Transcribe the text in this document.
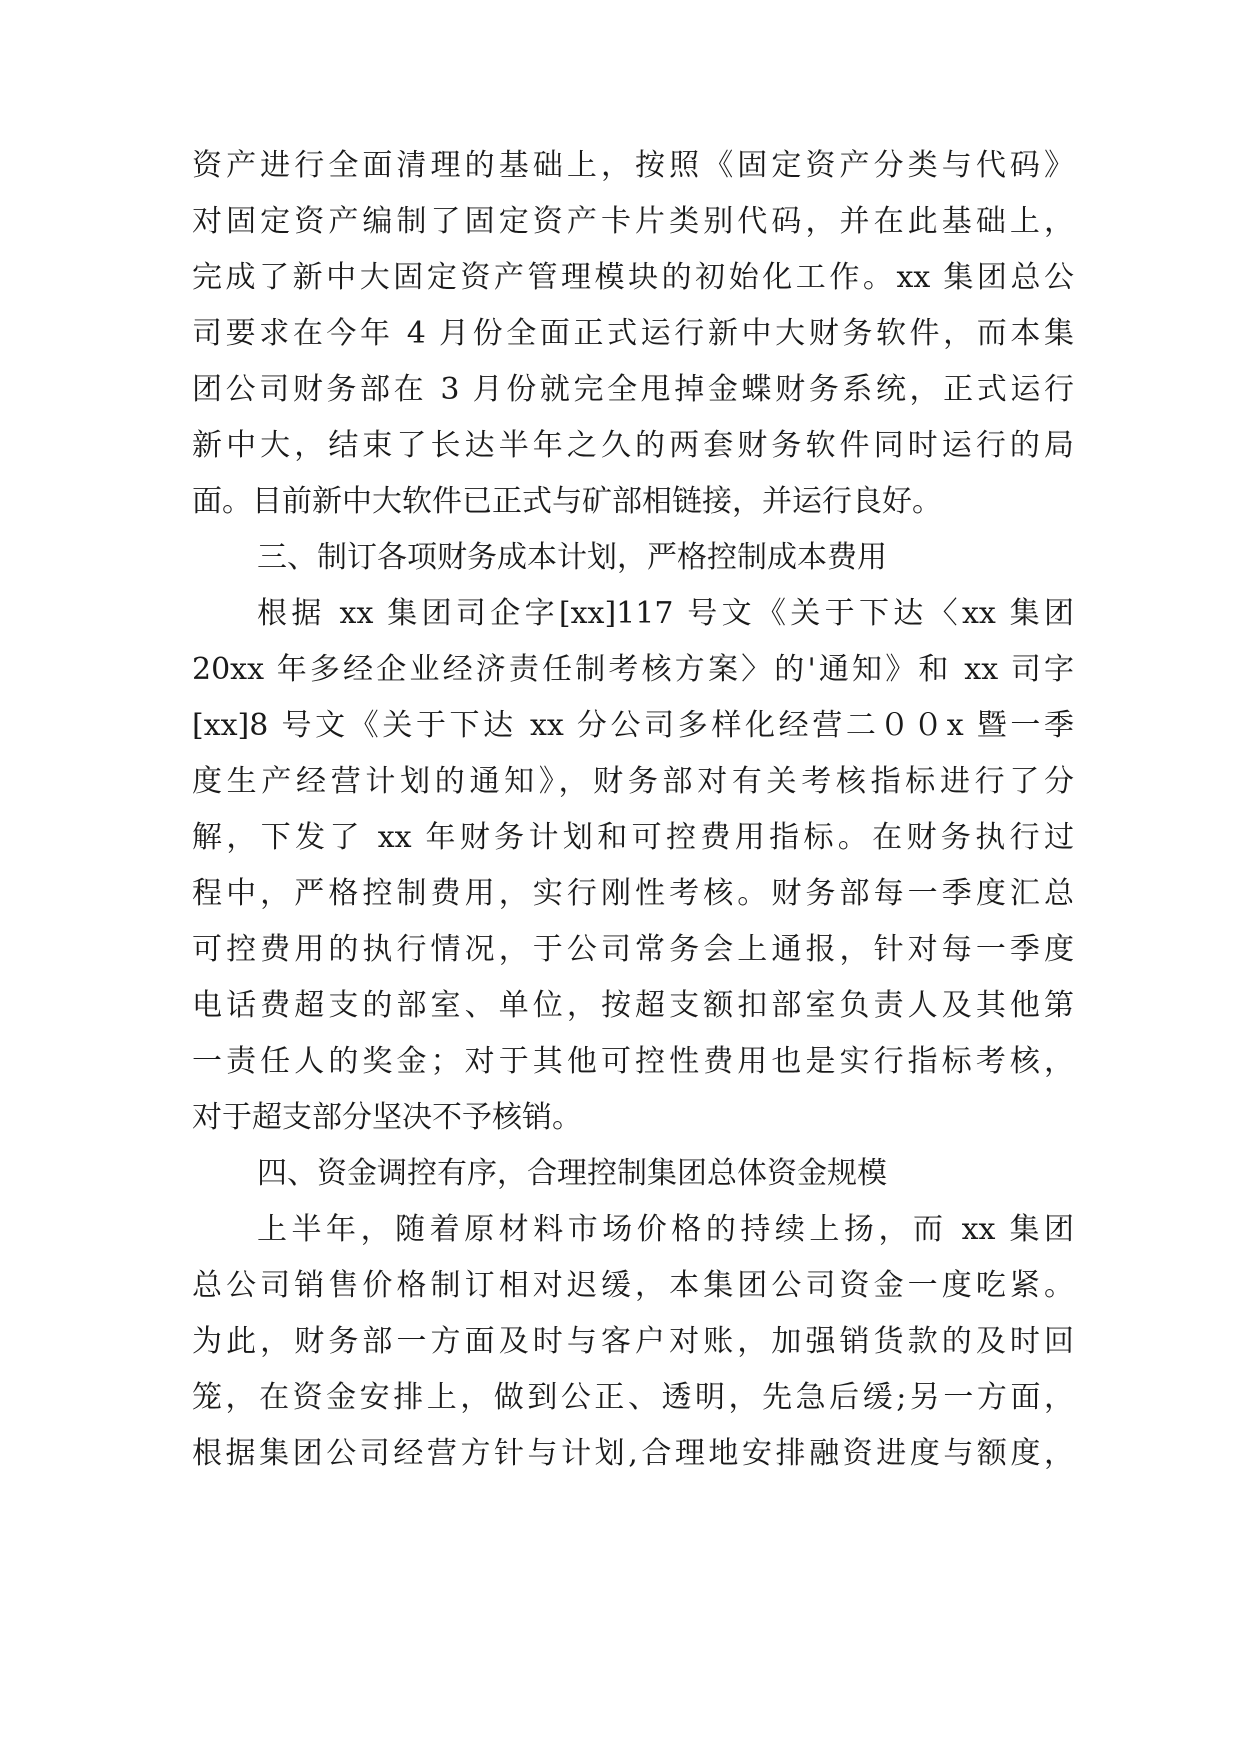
资产进行全面清理的基础上，按照《固定资产分类与代码》
对固定资产编制了固定资产卡片类别代码，并在此基础上，
完成了新中大固定资产管理模块的初始化工作。xx 集团总公
司要求在今年 4 月份全面正式运行新中大财务软件，而本集
团公司财务部在 3 月份就完全甩掉金蝶财务系统，正式运行
新中大，结束了长达半年之久的两套财务软件同时运行的局
面。目前新中大软件已正式与矿部相链接，并运行良好。
三、制订各项财务成本计划，严格控制成本费用
根据 xx 集团司企字[xx]117 号文《关于下达〈xx 集团
20xx 年多经企业经济责任制考核方案〉的'通知》和 xx 司字
[xx]8 号文《关于下达 xx 分公司多样化经营二００x 暨一季
度生产经营计划的通知》，财务部对有关考核指标进行了分
解，下发了 xx 年财务计划和可控费用指标。在财务执行过
程中，严格控制费用，实行刚性考核。财务部每一季度汇总
可控费用的执行情况，于公司常务会上通报，针对每一季度
电话费超支的部室、单位，按超支额扣部室负责人及其他第
一责任人的奖金；对于其他可控性费用也是实行指标考核，
对于超支部分坚决不予核销。
四、资金调控有序，合理控制集团总体资金规模
上半年，随着原材料市场价格的持续上扬，而 xx 集团
总公司销售价格制订相对迟缓，本集团公司资金一度吃紧。
为此，财务部一方面及时与客户对账，加强销货款的及时回
笼，在资金安排上，做到公正、透明，先急后缓;另一方面，
根据集团公司经营方针与计划,合理地安排融资进度与额度，
